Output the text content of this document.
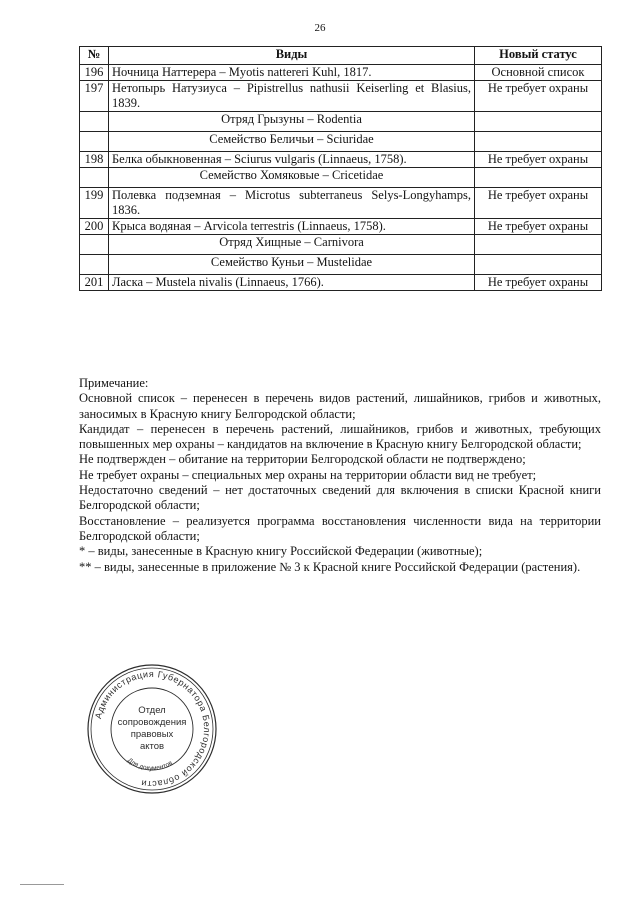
26
№	Виды	Новый статус
196	Ночница Наттерера – Myotis nattereri Kuhl, 1817.	Основной список
197	Нетопырь Натузиуса – Pipistrellus nathusii Keiserling et Blasius, 1839.	Не требует охраны
	Отряд Грызуны – Rodentia	
	Семейство Беличьи – Sciuridae	
198	Белка обыкновенная – Sciurus vulgaris (Linnaeus, 1758).	Не требует охраны
	Семейство Хомяковые – Cricetidae	
199	Полевка подземная – Microtus subterraneus Selys-Longyhamps, 1836.	Не требует охраны
200	Крыса водяная – Arvicola terrestris (Linnaeus, 1758).	Не требует охраны
	Отряд Хищные – Carnivora	
	Семейство Куньи – Mustelidae	
201	Ласка – Mustela nivalis (Linnaeus, 1766).	Не требует охраны

Примечание:

Основной список – перенесен в перечень видов растений, лишайников, грибов и животных, заносимых в Красную книгу Белгородской области;

Кандидат – перенесен в перечень растений, лишайников, грибов и животных, требующих повышенных мер охраны – кандидатов на включение в Красную книгу Белгородской области;

Не подтвержден – обитание на территории Белгородской области не подтверждено;

Не требует охраны – специальных мер охраны на территории области вид не требует;

Недостаточно сведений – нет достаточных сведений для включения в списки Красной книги Белгородской области;

Восстановление – реализуется программа восстановления численности вида на территории Белгородской области;

* – виды, занесенные в Красную книгу Российской Федерации (животные);

** – виды, занесенные в приложение № 3 к Красной книге Российской Федерации (растения).

Администрация Губернатора Белгородской области
Отдел
сопровождения
правовых
актов
Для документов
